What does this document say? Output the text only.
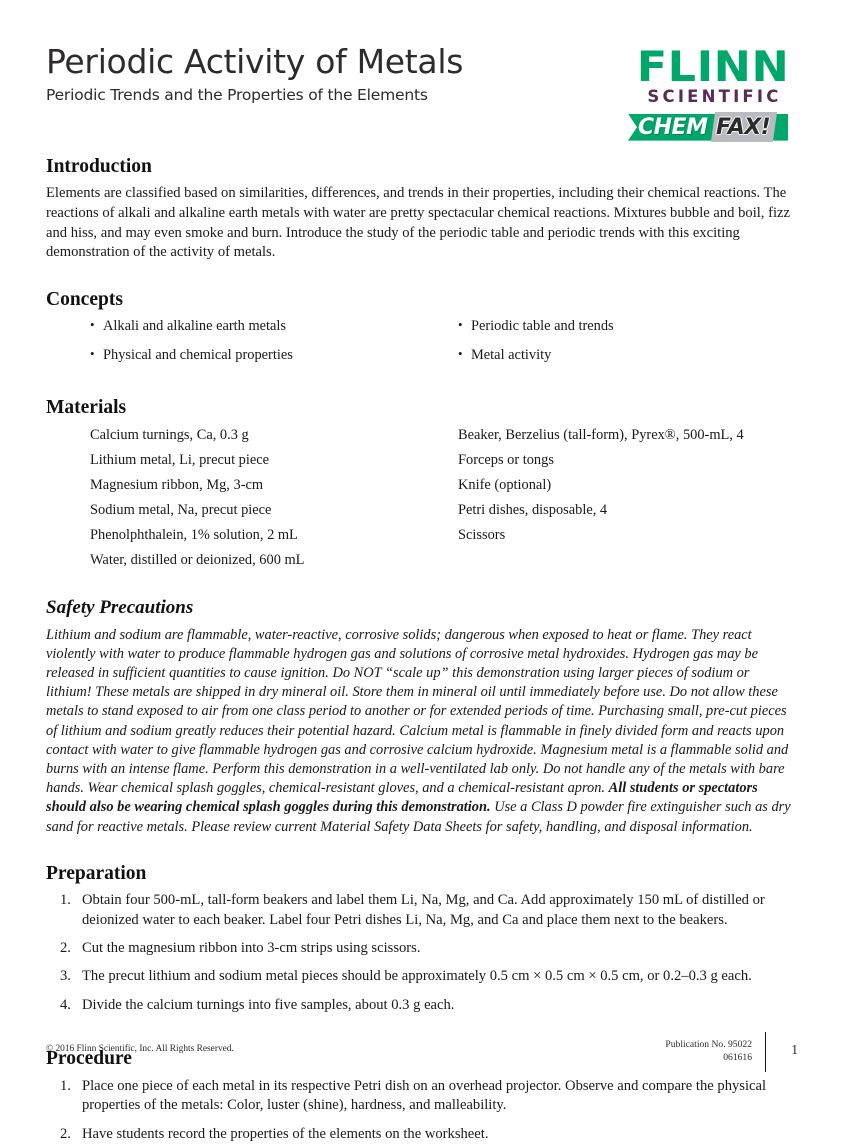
Periodic Activity of Metals
Periodic Trends and the Properties of the Elements
FLINN
SCIENTIFIC
CHEM FAX!
Introduction

Elements are classified based on similarities, differences, and trends in their properties, including their chemical reactions. The reactions of alkali and alkaline earth metals with water are pretty spectacular chemical reactions. Mixtures bubble and boil, fizz and hiss, and may even smoke and burn. Introduce the study of the periodic table and periodic trends with this exciting demonstration of the activity of metals.

Concepts
• Alkali and alkaline earth metals
• Physical and chemical properties
• Periodic table and trends
• Metal activity
Materials
Calcium turnings, Ca, 0.3 g
Lithium metal, Li, precut piece
Magnesium ribbon, Mg, 3-cm
Sodium metal, Na, precut piece
Phenolphthalein, 1% solution, 2 mL
Water, distilled or deionized, 600 mL
Beaker, Berzelius (tall-form), Pyrex®, 500-mL, 4
Forceps or tongs
Knife (optional)
Petri dishes, disposable, 4
Scissors
Safety Precautions

Lithium and sodium are flammable, water-reactive, corrosive solids; dangerous when exposed to heat or flame. They react violently with water to produce flammable hydrogen gas and solutions of corrosive metal hydroxides. Hydrogen gas may be released in sufficient quantities to cause ignition. Do NOT “scale up” this demonstration using larger pieces of sodium or lithium! These metals are shipped in dry mineral oil. Store them in mineral oil until immediately before use. Do not allow these metals to stand exposed to air from one class period to another or for extended periods of time. Purchasing small, pre-cut pieces of lithium and sodium greatly reduces their potential hazard. Calcium metal is flammable in finely divided form and reacts upon contact with water to give flammable hydrogen gas and corrosive calcium hydroxide. Magnesium metal is a flammable solid and burns with an intense flame. Perform this demonstration in a well-ventilated lab only. Do not handle any of the metals with bare hands. Wear chemical splash goggles, chemical-resistant gloves, and a chemical-resistant apron. All students or spectators should also be wearing chemical splash goggles during this demonstration. Use a Class D powder fire extinguisher such as dry sand for reactive metals. Please review current Material Safety Data Sheets for safety, handling, and disposal information.

Preparation
Obtain four 500-mL, tall-form beakers and label them Li, Na, Mg, and Ca. Add approximately 150 mL of distilled or deionized water to each beaker. Label four Petri dishes Li, Na, Mg, and Ca and place them next to the beakers.
Cut the magnesium ribbon into 3-cm strips using scissors.
The precut lithium and sodium metal pieces should be approximately 0.5 cm × 0.5 cm × 0.5 cm, or 0.2–0.3 g each.
Divide the calcium turnings into five samples, about 0.3 g each.
Procedure
Place one piece of each metal in its respective Petri dish on an overhead projector. Observe and compare the physical properties of the metals: Color, luster (shine), hardness, and malleability.
Have students record the properties of the elements on the worksheet.
© 2016 Flinn Scientific, Inc. All Rights Reserved.	Publication No. 95022
061616
1
